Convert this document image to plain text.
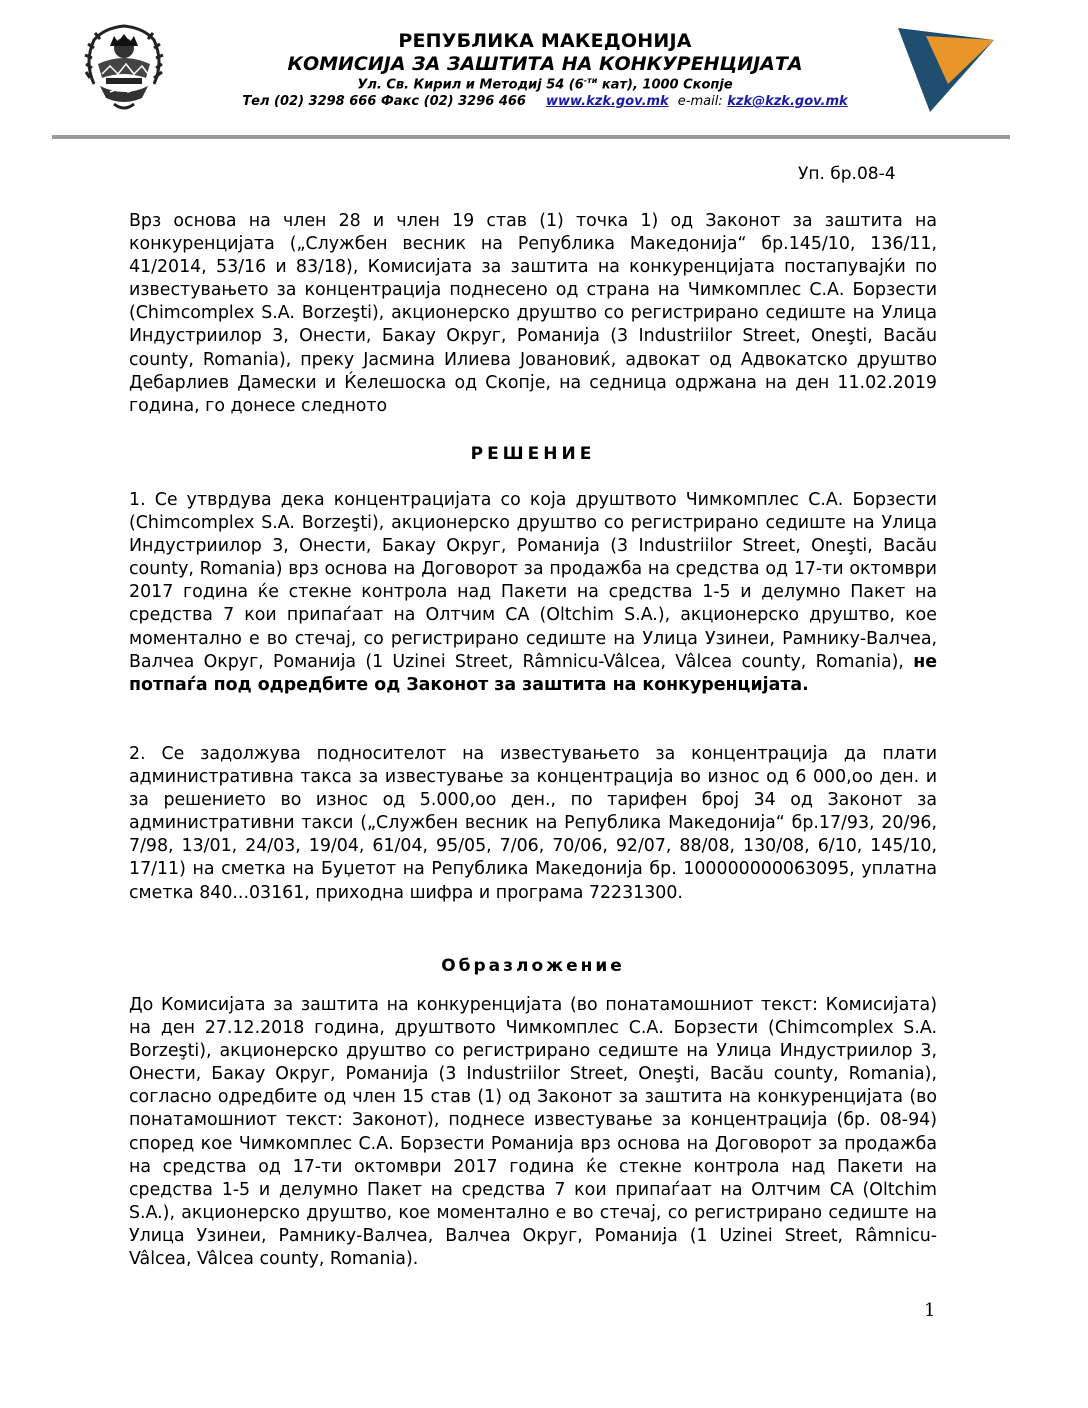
РЕПУБЛИКА МАКЕДОНИЈА
КОМИСИЈА ЗА ЗАШТИТА НА КОНКУРЕНЦИЈАТА
Ул. Св. Кирил и Методиј 54 ($6^{-ти}$ кат), 1000 Скопје
Тел (02) 3298 666 Факс (02) 3296 466 www.kzk.gov.mk e-mail: kzk@kzk.gov.mk
Уп. бр.08-4

Врз основа на член 28 и член 19 став (1) точка 1) од Законот за заштита на конкуренцијата („Службен весник на Република Македонија“ бр.145/10, 136/11, 41/2014, 53/16 и 83/18), Комисијата за заштита на конкуренцијата постапувајќи по известувањето за концентрација поднесено од страна на Чимкомплес С.А. Борзести (Chimcomplex S.A. Borzeşti), акционерско друштво со регистрирано седиште на Улица Индустриилор 3, Онести, Бакау Округ, Романија (3 Industriilor Street, Oneşti, Bacău county, Romania), преку Јасмина Илиева Јовановиќ, адвокат од Адвокатско друштво Дебарлиев Дамески и Ќелешоска од Скопје, на седница одржана на ден 11.02.2019 година, го донесе следното

РЕШЕНИЕ

1. Се утврдува дека концентрацијата со која друштвото Чимкомплес С.А. Борзести (Chimcomplex S.A. Borzeşti), акционерско друштво со регистрирано седиште на Улица Индустриилор 3, Онести, Бакау Округ, Романија (3 Industriilor Street, Oneşti, Bacău county, Romania) врз основа на Договорот за продажба на средства од 17-ти октомври 2017 година ќе стекне контрола над Пакети на средства 1-5 и делумно Пакет на средства 7 кои припаѓаат на Олтчим СА (Oltchim S.A.), акционерско друштво, кое моментално е во стечај, со регистрирано седиште на Улица Узинеи, Рамнику-Валчеа, Валчеа Округ, Романија (1 Uzinei Street, Râmnicu-Vâlcea, Vâlcea county, Romania), не потпаѓа под одредбите од Законот за заштита на конкуренцијата.

2. Се задолжува подносителот на известувањето за концентрација да плати административна такса за известување за концентрација во износ од 6 000,оо ден. и за решението во износ од 5.000,оо ден., по тарифен број 34 од Законот за административни такси („Службен весник на Република Македонија“ бр.17/93, 20/96, 7/98, 13/01, 24/03, 19/04, 61/04, 95/05, 7/06, 70/06, 92/07, 88/08, 130/08, 6/10, 145/10, 17/11) на сметка на Буџетот на Република Македонија бр. 100000000063095, уплатна сметка 840...03161, приходна шифра и програма 72231300.

Образложение

До Комисијата за заштита на конкуренцијата (во понатамошниот текст: Комисијата) на ден 27.12.2018 година, друштвото Чимкомплес С.А. Борзести (Chimcomplex S.A. Borzeşti), акционерско друштво со регистрирано седиште на Улица Индустриилор 3, Онести, Бакау Округ, Романија (3 Industriilor Street, Oneşti, Bacău county, Romania), согласно одредбите од член 15 став (1) од Законот за заштита на конкуренцијата (во понатамошниот текст: Законот), поднесе известување за концентрација (бр. 08-94) според кое Чимкомплес С.А. Борзести Романија врз основа на Договорот за продажба на средства од 17-ти октомври 2017 година ќе стекне контрола над Пакети на средства 1-5 и делумно Пакет на средства 7 кои припаѓаат на Олтчим СА (Oltchim S.A.), акционерско друштво, кое моментално е во стечај, со регистрирано седиште на Улица Узинеи, Рамнику-Валчеа, Валчеа Округ, Романија (1 Uzinei Street, Râmnicu-Vâlcea, Vâlcea county, Romania).

1
